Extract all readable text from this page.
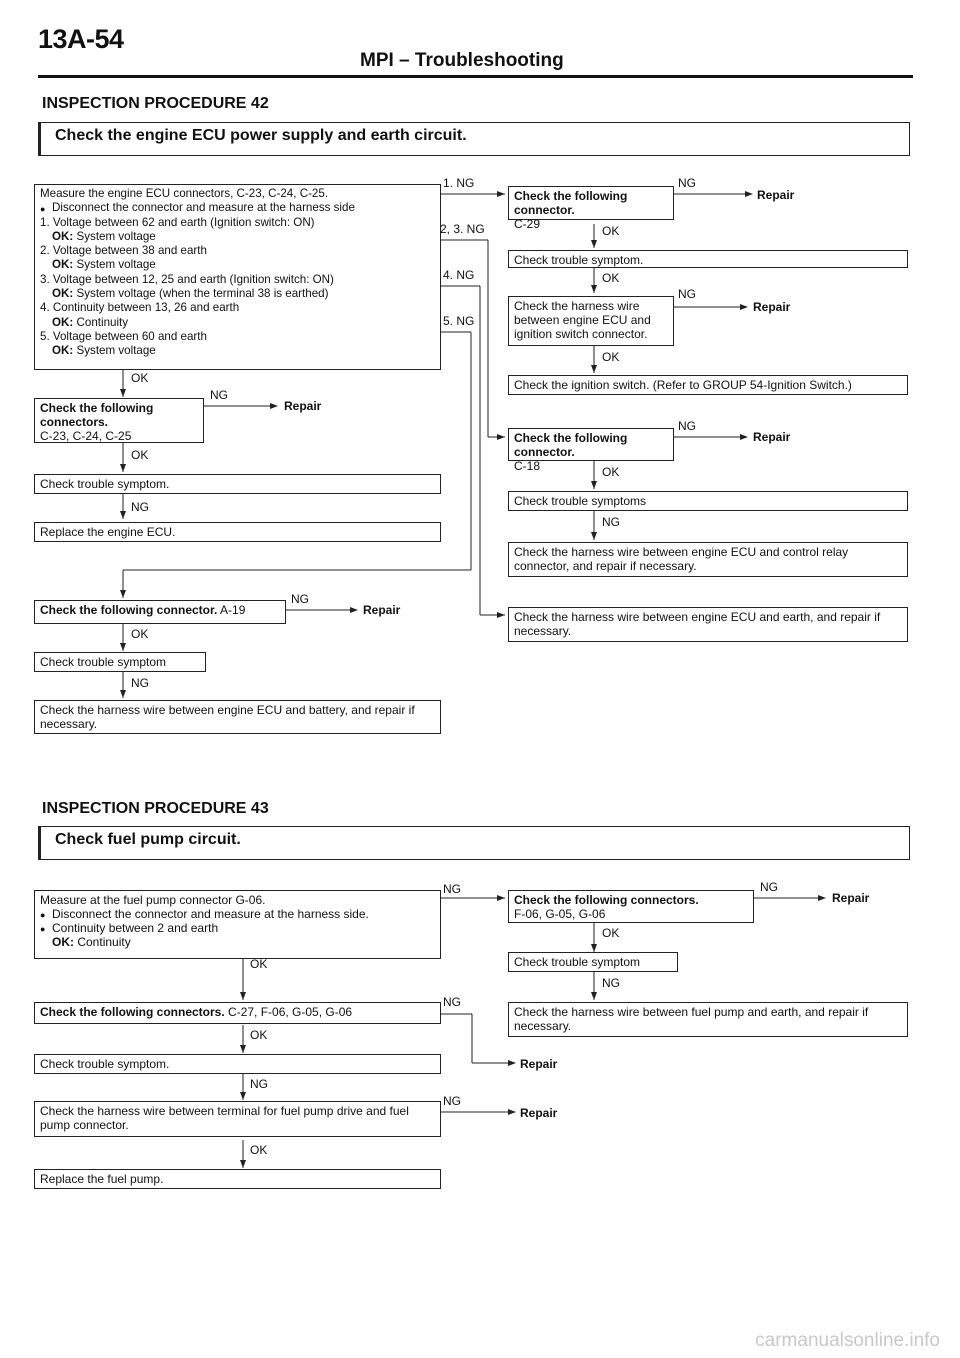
13A-54
MPI – Troubleshooting
INSPECTION PROCEDURE 42
Check the engine ECU power supply and earth circuit.
Measure the engine ECU connectors, C-23, C-24, C-25.
● Disconnect the connector and measure at the harness side
1. Voltage between 62 and earth (Ignition switch: ON)
OK: System voltage
2. Voltage between 38 and earth
OK: System voltage
3. Voltage between 12, 25 and earth (Ignition switch: ON)
OK: System voltage (when the terminal 38 is earthed)
4. Continuity between 13, 26 and earth
OK: Continuity
5. Voltage between 60 and earth
OK: System voltage
1. NG
2, 3. NG
4. NG
5. NG
OK
Check the following connectors.
C-23, C-24, C-25
NG
Repair
OK
Check trouble symptom.
NG
Replace the engine ECU.
Check the following connector. A-19
NG
Repair
OK
Check trouble symptom
NG
Check the harness wire between engine ECU and battery, and repair if necessary.
Check the following connector.
C-29
NG
Repair
OK
Check trouble symptom.
OK
Check the harness wire between engine ECU and ignition switch connector.
NG
Repair
OK
Check the ignition switch. (Refer to GROUP 54-Ignition Switch.)
Check the following connector.
C-18
NG
Repair
OK
Check trouble symptoms
NG
Check the harness wire between engine ECU and control relay connector, and repair if necessary.
Check the harness wire between engine ECU and earth, and repair if necessary.
INSPECTION PROCEDURE 43
Check fuel pump circuit.
Measure at the fuel pump connector G-06.
● Disconnect the connector and measure at the harness side.
● Continuity between 2 and earth
OK: Continuity
NG
Check the following connectors.
F-06, G-05, G-06
NG
Repair
OK
Check trouble symptom
NG
Check the harness wire between fuel pump and earth, and repair if necessary.
OK
Check the following connectors. C-27, F-06, G-05, G-06
NG
OK
Check trouble symptom.	Repair
NG
Check the harness wire between terminal for fuel pump drive and fuel pump connector.
NG
Repair
OK
Replace the fuel pump.
carmanualsonline.info
